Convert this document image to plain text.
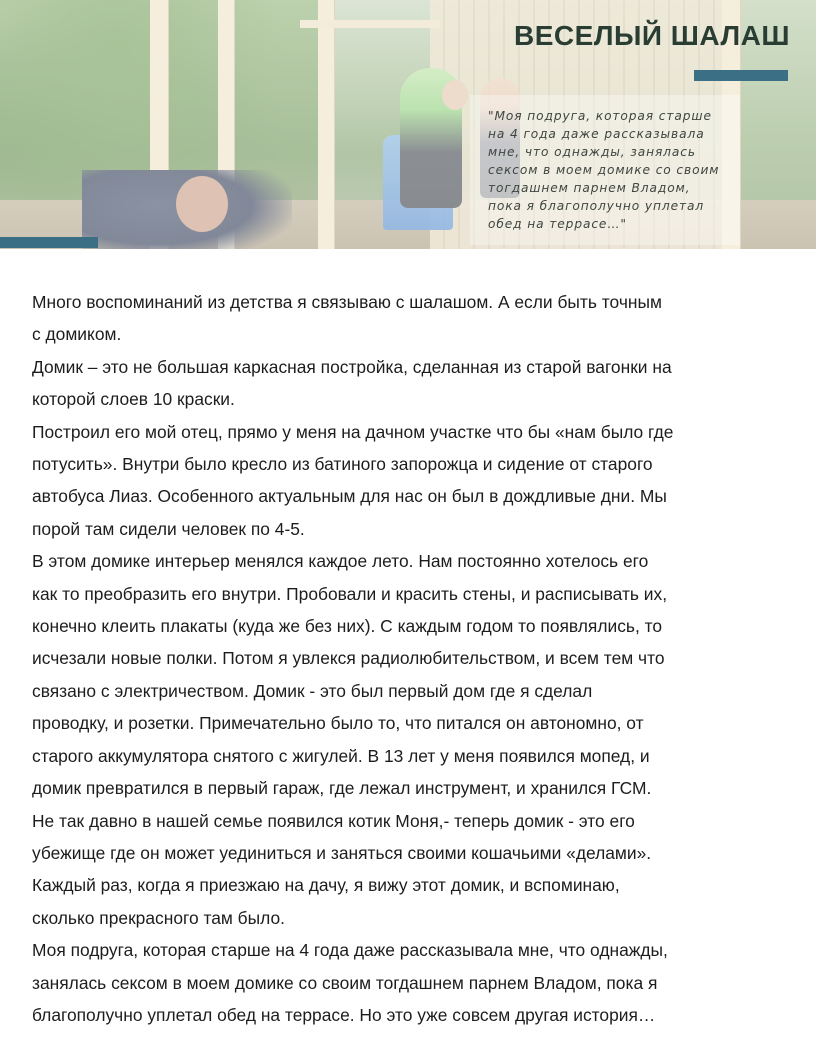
ВЕСЕЛЫЙ ШАЛАШ

"Моя подруга, которая старше
на 4 года даже рассказывала
мне, что однажды, занялась
сексом в моем домике со своим
тогдашнем парнем Владом,
пока я благополучно уплетал
обед на террасе…"

Много воспоминаний из детства я связываю с шалашом. А если быть точным
с домиком.

Домик – это не большая каркасная постройка, сделанная из старой вагонки на
которой слоев 10 краски.

Построил его мой отец, прямо у меня на дачном участке что бы «нам было где
потусить». Внутри было кресло из батиного запорожца и сидение от старого
автобуса Лиаз. Особенного актуальным для нас он был в дождливые дни. Мы
порой там сидели человек по 4-5.

В этом домике интерьер менялся каждое лето. Нам постоянно хотелось его
как то преобразить его внутри. Пробовали и красить стены, и расписывать их,
конечно клеить плакаты (куда же без них). С каждым годом то появлялись, то
исчезали новые полки. Потом я увлекся радиолюбительством, и всем тем что
связано с электричеством. Домик - это был первый дом где я сделал
проводку, и розетки. Примечательно было то, что питался он автономно, от
старого аккумулятора снятого с жигулей. В 13 лет у меня появился мопед, и
домик превратился в первый гараж, где лежал инструмент, и хранился ГСМ.

Не так давно в нашей семье появился котик Моня,- теперь домик - это его
убежище где он может уединиться и заняться своими кошачьими «делами».

Каждый раз, когда я приезжаю на дачу, я вижу этот домик, и вспоминаю,
сколько прекрасного там было.

Моя подруга, которая старше на 4 года даже рассказывала мне, что однажды,
занялась сексом в моем домике со своим тогдашнем парнем Владом, пока я
благополучно уплетал обед на террасе. Но это уже совсем другая история…
